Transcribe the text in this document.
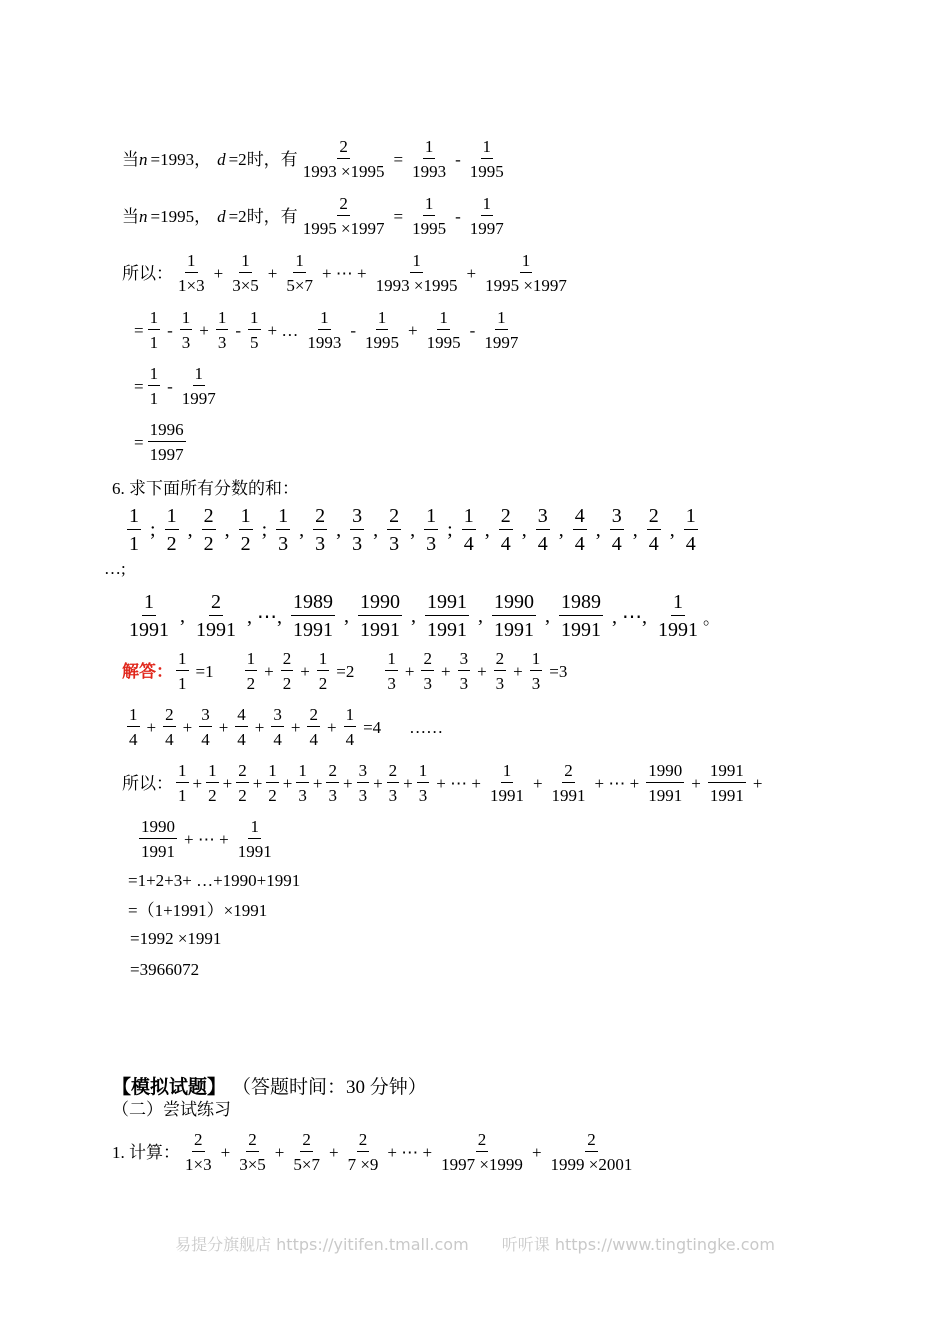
当 n =1993， d =2 时，有 $\frac{2}{1993 \times 1995} = \frac{1}{1993} - \frac{1}{1995}$
当 n =1995， d =2 时，有 $\frac{2}{1995 \times 1997} = \frac{1}{1995} - \frac{1}{1997}$
所以： $\frac{1}{1\times 3} + \frac{1}{3\times 5} + \frac{1}{5\times 7}$ + ⋯ + $\frac{1}{1993 \times 1995} + \frac{1}{1995 \times 1997}$
= $\frac{1}{1} - \frac{1}{3} + \frac{1}{3} - \frac{1}{5}$ + … $\frac{1}{1993} - \frac{1}{1995} + \frac{1}{1995} - \frac{1}{1997}$
= $\frac{1}{1} - \frac{1}{1997}$
= $\frac{1996}{1997}$
6. 求下面所有分数的和：
$\frac{1}{1}$ ; $\frac{1}{2}$ , $\frac{2}{2}$ , $\frac{1}{2}$ ; $\frac{1}{3}$ , $\frac{2}{3}$ , $\frac{3}{3}$ , $\frac{2}{3}$ , $\frac{1}{3}$ ; $\frac{1}{4}$ , $\frac{2}{4}$ , $\frac{3}{4}$ , $\frac{4}{4}$ , $\frac{3}{4}$ , $\frac{2}{4}$ , $\frac{1}{4}$
…;
$\frac{1}{1991}$ , $\frac{2}{1991}$ , ⋯, $\frac{1989}{1991}$ , $\frac{1990}{1991}$ , $\frac{1991}{1991}$ , $\frac{1990}{1991}$ , $\frac{1989}{1991}$ , ⋯, $\frac{1}{1991}$ 。
解答： $\frac{1}{1} =1 \frac{1}{2} + \frac{2}{2} + \frac{1}{2} =2 \frac{1}{3} + \frac{2}{3} + \frac{3}{3} + \frac{2}{3} + \frac{1}{3} =3$
$\frac{1}{4} + \frac{2}{4} + \frac{3}{4} + \frac{4}{4} + \frac{3}{4} + \frac{2}{4} + \frac{1}{4} =4$ ……
所以： $\frac{1}{1} + \frac{1}{2} + \frac{2}{2} + \frac{1}{2} + \frac{1}{3} + \frac{2}{3} + \frac{3}{3} + \frac{2}{3} + \frac{1}{3}$ + ⋯ + $\frac{1}{1991} + \frac{2}{1991}$ + ⋯ + $\frac{1990}{1991} + \frac{1991}{1991}$ +
$\frac{1990}{1991}$ + ⋯ + $\frac{1}{1991}$
=1+2+3+ …+1990+1991
=（1+1991）×1991
=1992 ×1991
=3966072
【模拟试题】 （答题时间：30 分钟）
（二）尝试练习
1. 计算： $\frac{2}{1\times 3} + \frac{2}{3\times 5} + \frac{2}{5\times 7} + \frac{2}{7 \times 9}$ + ⋯ + $\frac{2}{1997 \times 1999} + \frac{2}{1999 \times 2001}$
易提分旗舰店 https://yitifen.tmall.com 听听课 https://www.tingtingke.com
